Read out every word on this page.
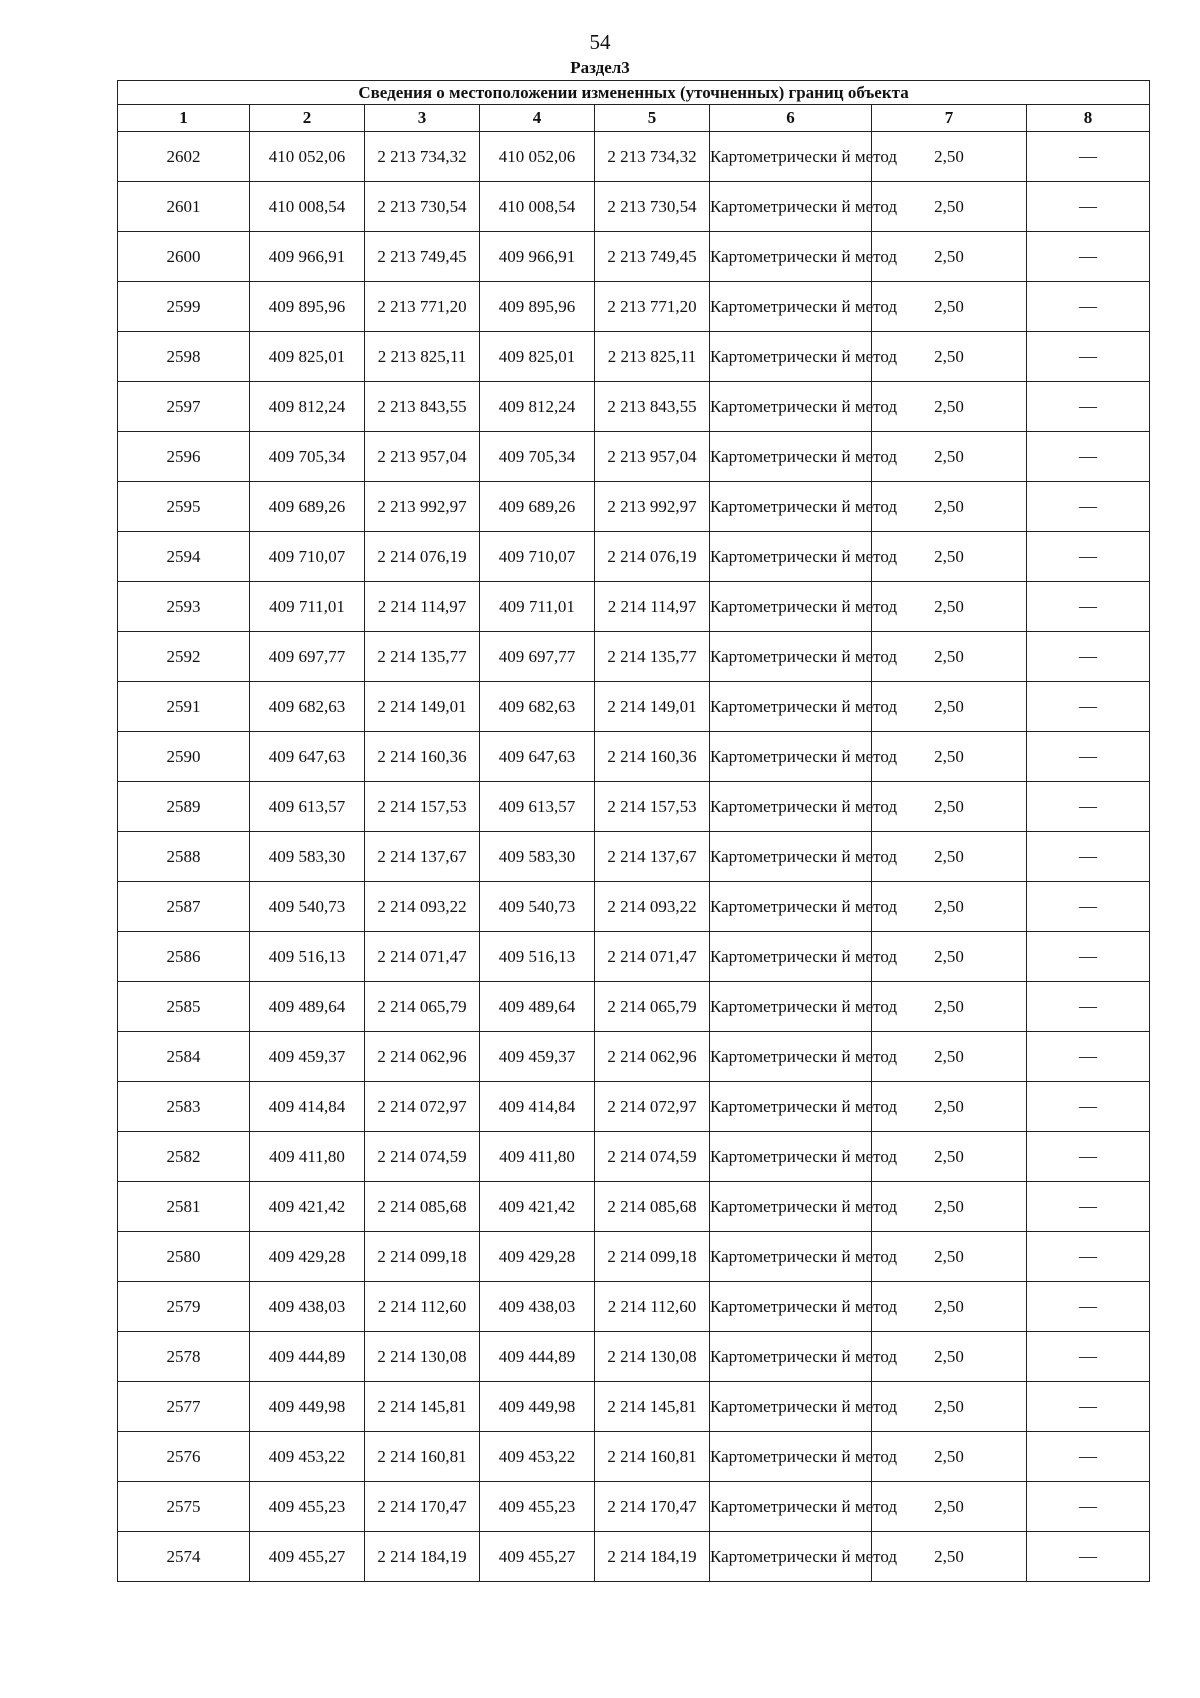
54
Раздел3
Сведения о местоположении измененных (уточненных) границ объекта							
1	2	3	4	5	6	7	8
2602	410 052,06	2 213 734,32	410 052,06	2 213 734,32	Картометрически й метод	2,50	—
2601	410 008,54	2 213 730,54	410 008,54	2 213 730,54	Картометрически й метод	2,50	—
2600	409 966,91	2 213 749,45	409 966,91	2 213 749,45	Картометрически й метод	2,50	—
2599	409 895,96	2 213 771,20	409 895,96	2 213 771,20	Картометрически й метод	2,50	—
2598	409 825,01	2 213 825,11	409 825,01	2 213 825,11	Картометрически й метод	2,50	—
2597	409 812,24	2 213 843,55	409 812,24	2 213 843,55	Картометрически й метод	2,50	—
2596	409 705,34	2 213 957,04	409 705,34	2 213 957,04	Картометрически й метод	2,50	—
2595	409 689,26	2 213 992,97	409 689,26	2 213 992,97	Картометрически й метод	2,50	—
2594	409 710,07	2 214 076,19	409 710,07	2 214 076,19	Картометрически й метод	2,50	—
2593	409 711,01	2 214 114,97	409 711,01	2 214 114,97	Картометрически й метод	2,50	—
2592	409 697,77	2 214 135,77	409 697,77	2 214 135,77	Картометрически й метод	2,50	—
2591	409 682,63	2 214 149,01	409 682,63	2 214 149,01	Картометрически й метод	2,50	—
2590	409 647,63	2 214 160,36	409 647,63	2 214 160,36	Картометрически й метод	2,50	—
2589	409 613,57	2 214 157,53	409 613,57	2 214 157,53	Картометрически й метод	2,50	—
2588	409 583,30	2 214 137,67	409 583,30	2 214 137,67	Картометрически й метод	2,50	—
2587	409 540,73	2 214 093,22	409 540,73	2 214 093,22	Картометрически й метод	2,50	—
2586	409 516,13	2 214 071,47	409 516,13	2 214 071,47	Картометрически й метод	2,50	—
2585	409 489,64	2 214 065,79	409 489,64	2 214 065,79	Картометрически й метод	2,50	—
2584	409 459,37	2 214 062,96	409 459,37	2 214 062,96	Картометрически й метод	2,50	—
2583	409 414,84	2 214 072,97	409 414,84	2 214 072,97	Картометрически й метод	2,50	—
2582	409 411,80	2 214 074,59	409 411,80	2 214 074,59	Картометрически й метод	2,50	—
2581	409 421,42	2 214 085,68	409 421,42	2 214 085,68	Картометрически й метод	2,50	—
2580	409 429,28	2 214 099,18	409 429,28	2 214 099,18	Картометрически й метод	2,50	—
2579	409 438,03	2 214 112,60	409 438,03	2 214 112,60	Картометрически й метод	2,50	—
2578	409 444,89	2 214 130,08	409 444,89	2 214 130,08	Картометрически й метод	2,50	—
2577	409 449,98	2 214 145,81	409 449,98	2 214 145,81	Картометрически й метод	2,50	—
2576	409 453,22	2 214 160,81	409 453,22	2 214 160,81	Картометрически й метод	2,50	—
2575	409 455,23	2 214 170,47	409 455,23	2 214 170,47	Картометрически й метод	2,50	—
2574	409 455,27	2 214 184,19	409 455,27	2 214 184,19	Картометрически й метод	2,50	—
